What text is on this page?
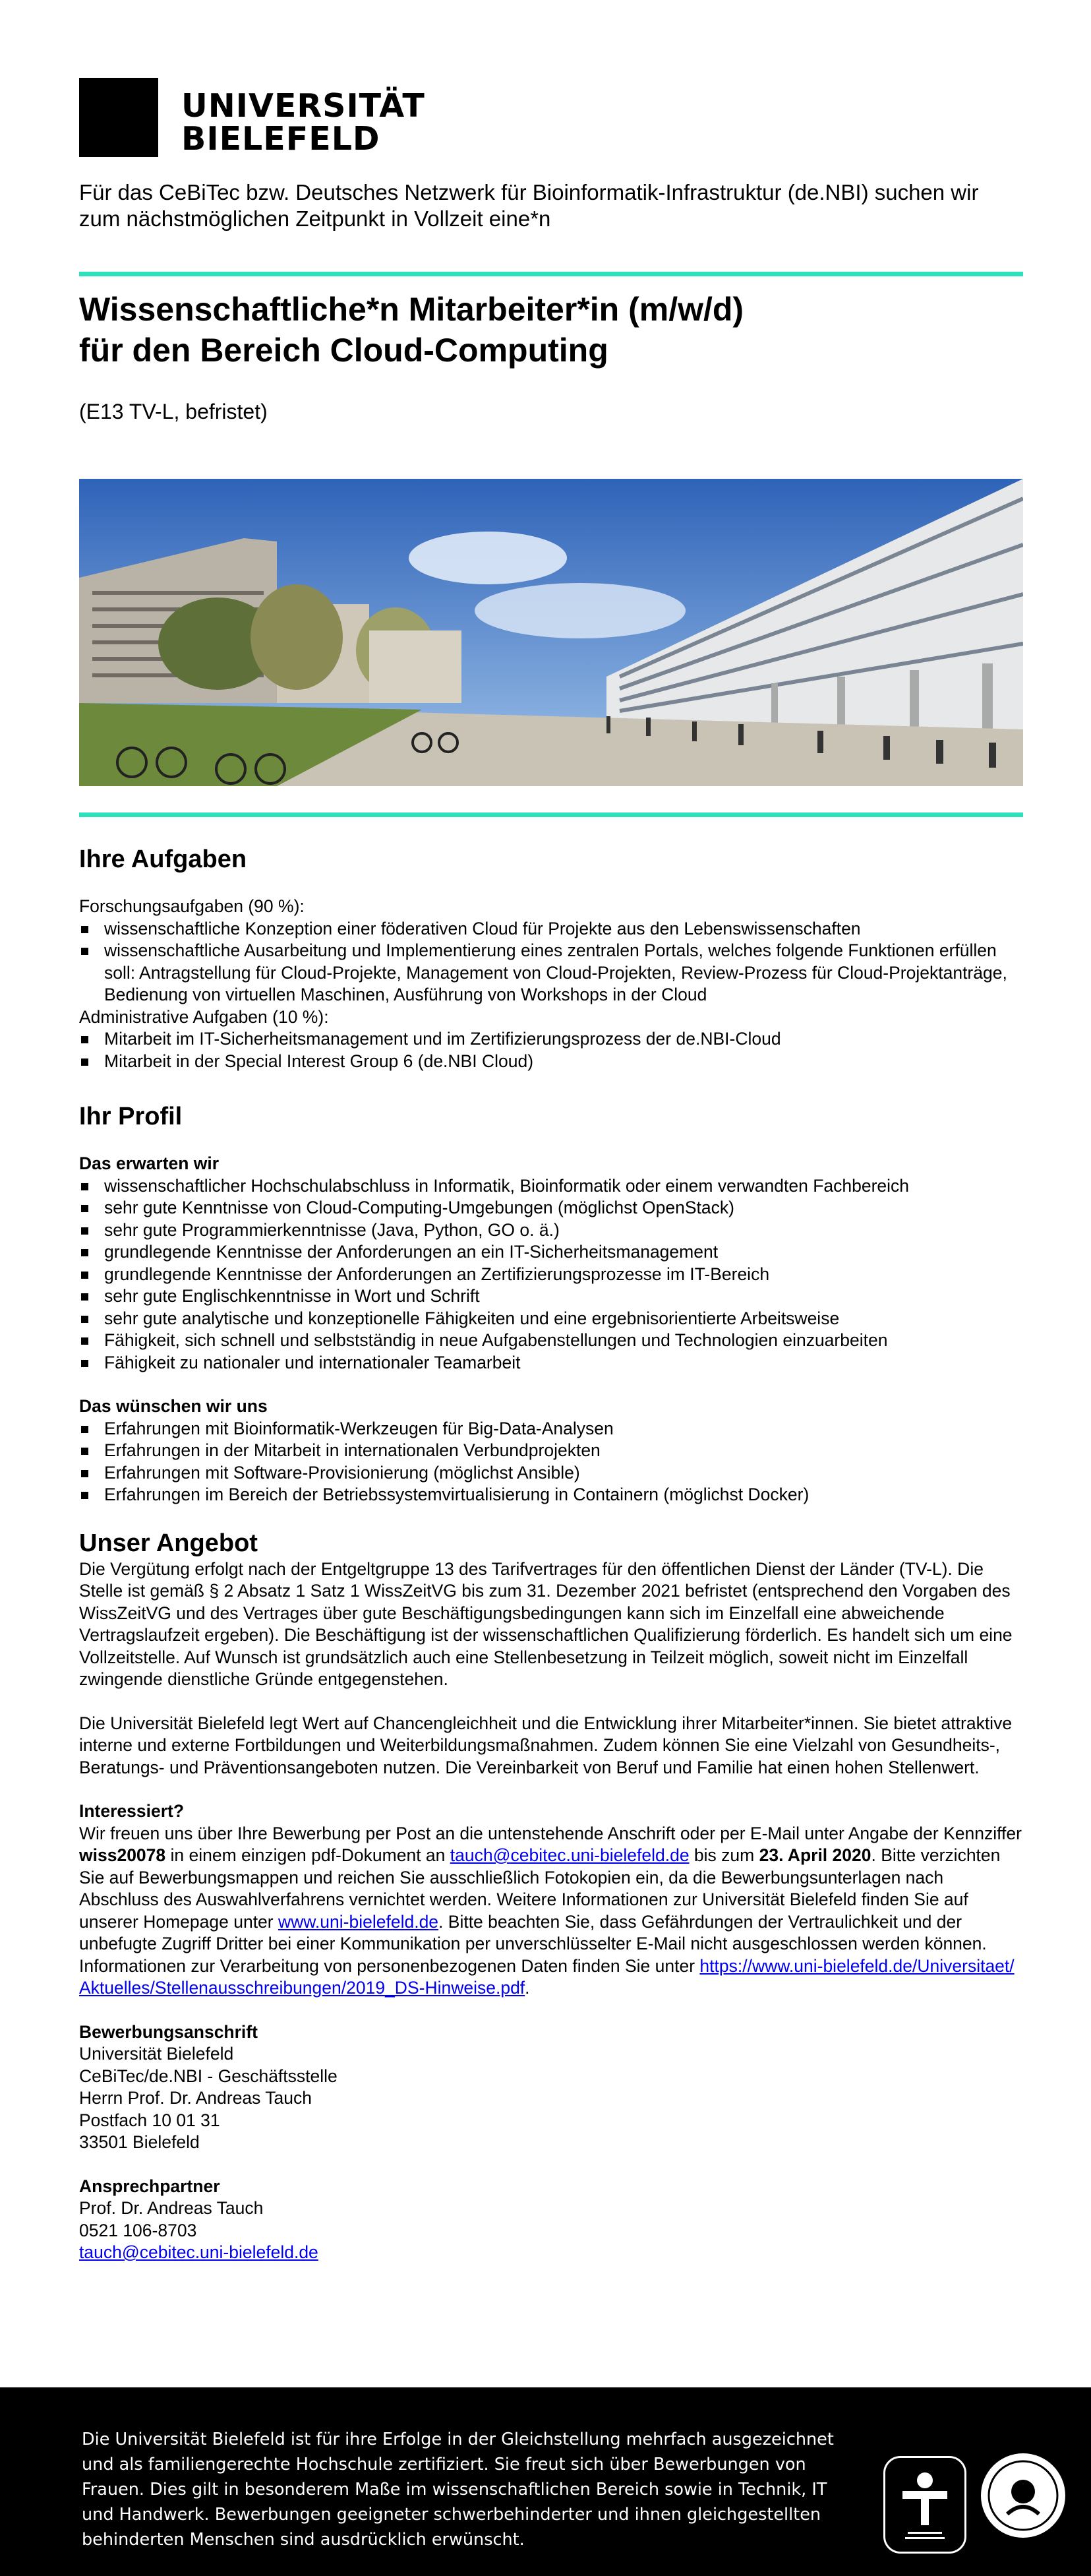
UNIVERSITÄT
BIELEFELD
Für das CeBiTec bzw. Deutsches Netzwerk für Bioinformatik-Infrastruktur (de.NBI) suchen wir zum nächstmöglichen Zeitpunkt in Vollzeit eine*n
Wissenschaftliche*n Mitarbeiter*in (m/w/d)
für den Bereich Cloud-Computing
(E13 TV-L, befristet)
Ihre Aufgaben

Forschungsaufgaben (90 %):

wissenschaftliche Konzeption einer föderativen Cloud für Projekte aus den Lebenswissenschaften
wissenschaftliche Ausarbeitung und Implementierung eines zentralen Portals, welches folgende Funktionen erfüllen soll: Antragstellung für Cloud-Projekte, Management von Cloud-Projekten, Review-Prozess für Cloud-Projektanträge, Bedienung von virtuellen Maschinen, Ausführung von Workshops in der Cloud

Administrative Aufgaben (10 %):

Mitarbeit im IT-Sicherheitsmanagement und im Zertifizierungsprozess der de.NBI-Cloud
Mitarbeit in der Special Interest Group 6 (de.NBI Cloud)
Ihr Profil
Das erwarten wir
wissenschaftlicher Hochschulabschluss in Informatik, Bioinformatik oder einem verwandten Fachbereich
sehr gute Kenntnisse von Cloud-Computing-Umgebungen (möglichst OpenStack)
sehr gute Programmierkenntnisse (Java, Python, GO o. ä.)
grundlegende Kenntnisse der Anforderungen an ein IT-Sicherheitsmanagement
grundlegende Kenntnisse der Anforderungen an Zertifizierungsprozesse im IT-Bereich
sehr gute Englischkenntnisse in Wort und Schrift
sehr gute analytische und konzeptionelle Fähigkeiten und eine ergebnisorientierte Arbeitsweise
Fähigkeit, sich schnell und selbstständig in neue Aufgabenstellungen und Technologien einzuarbeiten
Fähigkeit zu nationaler und internationaler Teamarbeit
Das wünschen wir uns
Erfahrungen mit Bioinformatik-Werkzeugen für Big-Data-Analysen
Erfahrungen in der Mitarbeit in internationalen Verbundprojekten
Erfahrungen mit Software-Provisionierung (möglichst Ansible)
Erfahrungen im Bereich der Betriebssystemvirtualisierung in Containern (möglichst Docker)
Unser Angebot

Die Vergütung erfolgt nach der Entgeltgruppe 13 des Tarifvertrages für den öffentlichen Dienst der Länder (TV-L). Die Stelle ist gemäß § 2 Absatz 1 Satz 1 WissZeitVG bis zum 31. Dezember 2021 befristet (entsprechend den Vorgaben des WissZeitVG und des Vertrages über gute Beschäftigungsbedingungen kann sich im Einzelfall eine abweichende Vertragslaufzeit ergeben). Die Beschäftigung ist der wissenschaftlichen Qualifizierung förderlich. Es handelt sich um eine Vollzeitstelle. Auf Wunsch ist grundsätzlich auch eine Stellenbesetzung in Teilzeit möglich, soweit nicht im Einzelfall zwingende dienstliche Gründe entgegenstehen.

Die Universität Bielefeld legt Wert auf Chancengleichheit und die Entwicklung ihrer Mitarbeiter*innen. Sie bietet attraktive interne und externe Fortbildungen und Weiterbildungsmaßnahmen. Zudem können Sie eine Vielzahl von Gesundheits-, Beratungs- und Präventionsangeboten nutzen. Die Vereinbarkeit von Beruf und Familie hat einen hohen Stellenwert.

Interessiert?

Wir freuen uns über Ihre Bewerbung per Post an die untenstehende Anschrift oder per E-Mail unter Angabe der Kennziffer wiss20078 in einem einzigen pdf-Dokument an tauch@cebitec.uni-bielefeld.de bis zum 23. April 2020. Bitte verzichten Sie auf Bewerbungsmappen und reichen Sie ausschließlich Fotokopien ein, da die Bewerbungsunterlagen nach Abschluss des Auswahlverfahrens vernichtet werden. Weitere Informationen zur Universität Bielefeld finden Sie auf unserer Homepage unter www.uni-bielefeld.de. Bitte beachten Sie, dass Gefährdungen der Vertraulichkeit und der unbefugte Zugriff Dritter bei einer Kommunikation per unverschlüsselter E-Mail nicht ausgeschlossen werden können. Informationen zur Verarbeitung von personenbezogenen Daten finden Sie unter https://www.uni-bielefeld.de/Universitaet/Aktuelles/Stellenausschreibungen/2019_DS-Hinweise.pdf.

Bewerbungsanschrift
Universität Bielefeld
CeBiTec/de.NBI - Geschäftsstelle
Herrn Prof. Dr. Andreas Tauch
Postfach 10 01 31
33501 Bielefeld
Ansprechpartner
Prof. Dr. Andreas Tauch
0521 106-8703
tauch@cebitec.uni-bielefeld.de
Die Universität Bielefeld ist für ihre Erfolge in der Gleichstellung mehrfach ausgezeichnet und als familiengerechte Hochschule zertifiziert. Sie freut sich über Bewerbungen von Frauen. Dies gilt in besonderem Maße im wissenschaftlichen Bereich sowie in Technik, IT und Handwerk. Bewerbungen geeigneter schwerbehinderter und ihnen gleichgestellten behinderten Menschen sind ausdrücklich erwünscht.
